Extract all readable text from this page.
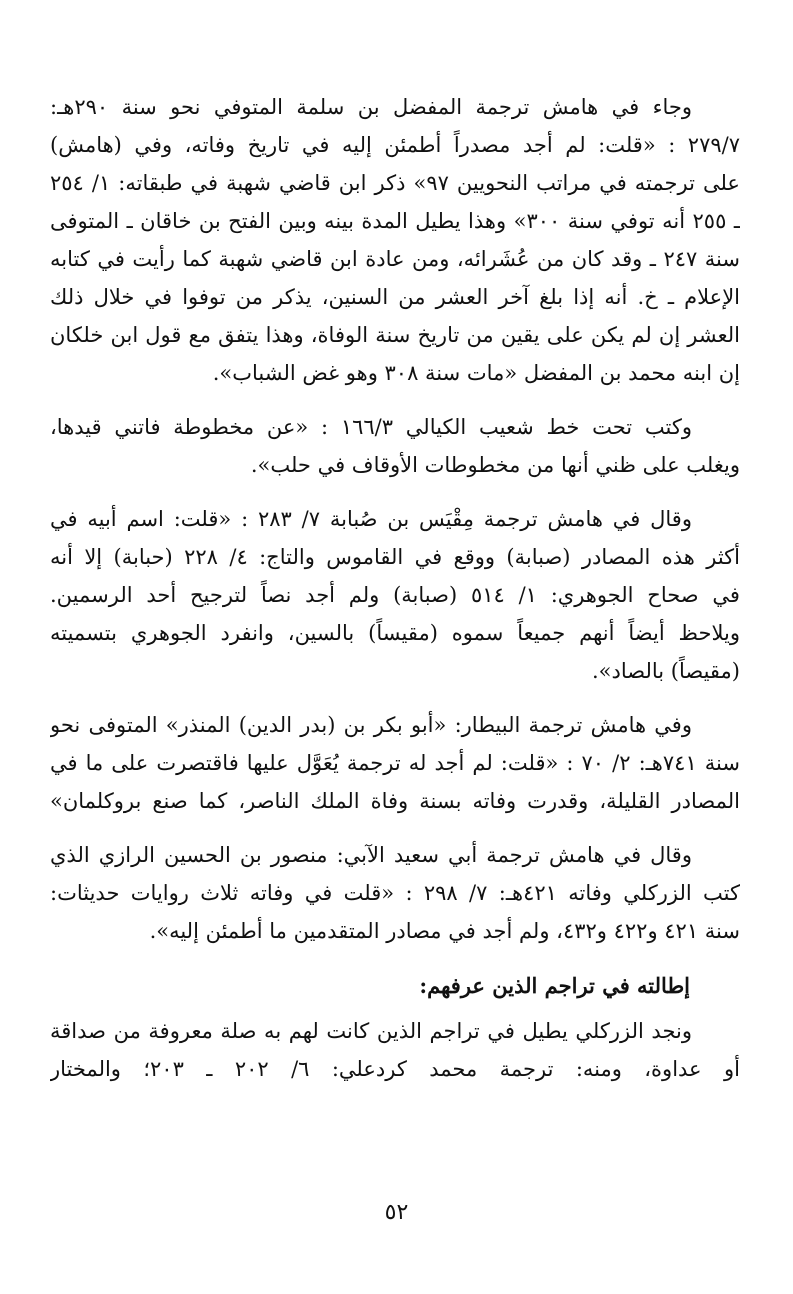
وجاء في هامش ترجمة المفضل بن سلمة المتوفي نحو سنة ٢٩٠هـ:
٢٧٩/٧ : «قلت: لم أجد مصدراً أطمئن إليه في تاريخ وفاته، وفي (هامش)
على ترجمته في مراتب النحويين ٩٧» ذكر ابن قاضي شهبة في طبقاته: ١/ ٢٥٤
ـ ٢٥٥ أنه توفي سنة ٣٠٠» وهذا يطيل المدة بينه وبين الفتح بن خاقان ـ المتوفى
سنة ٢٤٧ ـ وقد كان من عُشَرائه، ومن عادة ابن قاضي شهبة كما رأيت في كتابه
الإعلام ـ خ. أنه إذا بلغ آخر العشر من السنين، يذكر من توفوا في خلال ذلك
العشر إن لم يكن على يقين من تاريخ سنة الوفاة، وهذا يتفق مع قول ابن خلكان
إن ابنه محمد بن المفضل «مات سنة ٣٠٨ وهو غض الشباب».
وكتب تحت خط شعيب الكيالي ١٦٦/٣ : «عن مخطوطة فاتني قيدها،
ويغلب على ظني أنها من مخطوطات الأوقاف في حلب».
وقال في هامش ترجمة مِقْيَس بن صُبابة ٧/ ٢٨٣ : «قلت: اسم أبيه في
أكثر هذه المصادر (صبابة) ووقع في القاموس والتاج: ٤/ ٢٢٨ (حبابة) إلا أنه
في صحاح الجوهري: ١/ ٥١٤ (صبابة) ولم أجد نصاً لترجيح أحد الرسمين.
ويلاحظ أيضاً أنهم جميعاً سموه (مقيساً) بالسين، وانفرد الجوهري بتسميته
(مقيصاً) بالصاد».
وفي هامش ترجمة البيطار: «أبو بكر بن (بدر الدين) المنذر» المتوفى نحو
سنة ٧٤١هـ: ٢/ ٧٠ : «قلت: لم أجد له ترجمة يُعَوَّل عليها فاقتصرت على ما في
المصادر القليلة، وقدرت وفاته بسنة وفاة الملك الناصر، كما صنع بروكلمان»
وقال في هامش ترجمة أبي سعيد الآبي: منصور بن الحسين الرازي الذي
كتب الزركلي وفاته ٤٢١هـ: ٧/ ٢٩٨ : «قلت في وفاته ثلاث روايات حديثات:
سنة ٤٢١ و٤٢٢ و٤٣٢، ولم أجد في مصادر المتقدمين ما أطمئن إليه».
إطالته في تراجم الذين عرفهم:
ونجد الزركلي يطيل في تراجم الذين كانت لهم به صلة معروفة من صداقة
أو عداوة، ومنه: ترجمة محمد كردعلي: ٦/ ٢٠٢ ـ ٢٠٣؛ والمختار
٥٢
